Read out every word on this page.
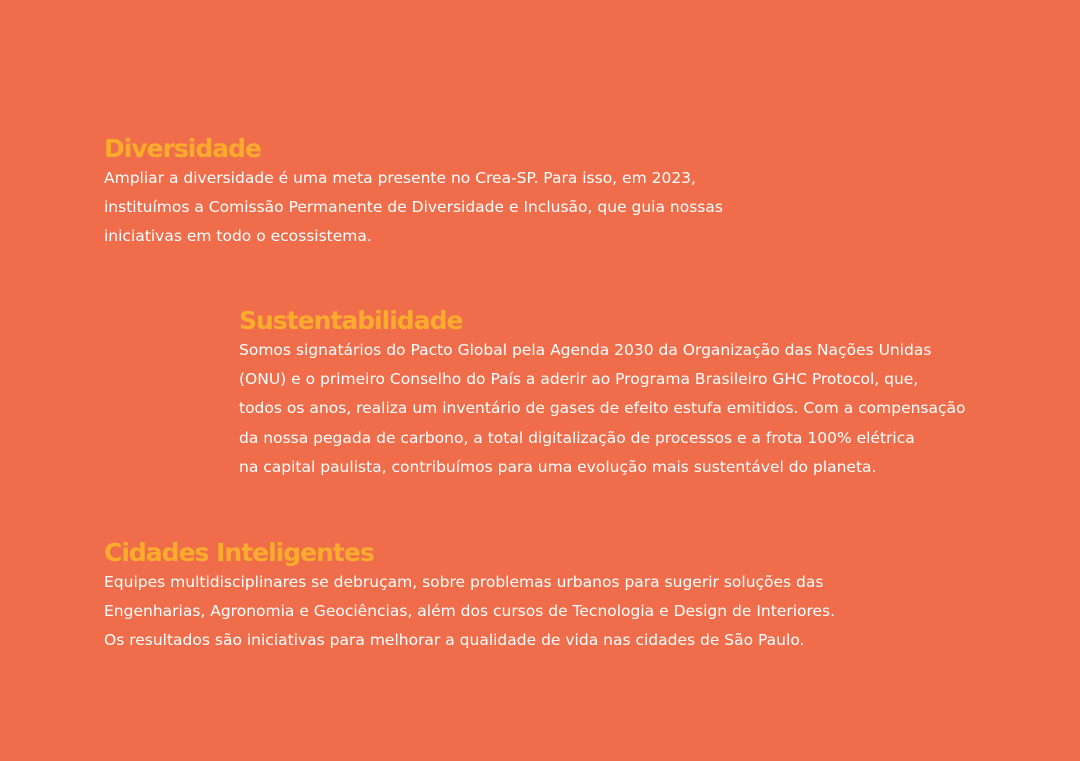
Diversidade

Ampliar a diversidade é uma meta presente no Crea-SP. Para isso, em 2023,
instituímos a Comissão Permanente de Diversidade e Inclusão, que guia nossas
iniciativas em todo o ecossistema.

Sustentabilidade

Somos signatários do Pacto Global pela Agenda 2030 da Organização das Nações Unidas
(ONU) e o primeiro Conselho do País a aderir ao Programa Brasileiro GHC Protocol, que,
todos os anos, realiza um inventário de gases de efeito estufa emitidos. Com a compensação
da nossa pegada de carbono, a total digitalização de processos e a frota 100% elétrica
na capital paulista, contribuímos para uma evolução mais sustentável do planeta.

Cidades Inteligentes

Equipes multidisciplinares se debruçam, sobre problemas urbanos para sugerir soluções das
Engenharias, Agronomia e Geociências, além dos cursos de Tecnologia e Design de Interiores.
Os resultados são iniciativas para melhorar a qualidade de vida nas cidades de São Paulo.
